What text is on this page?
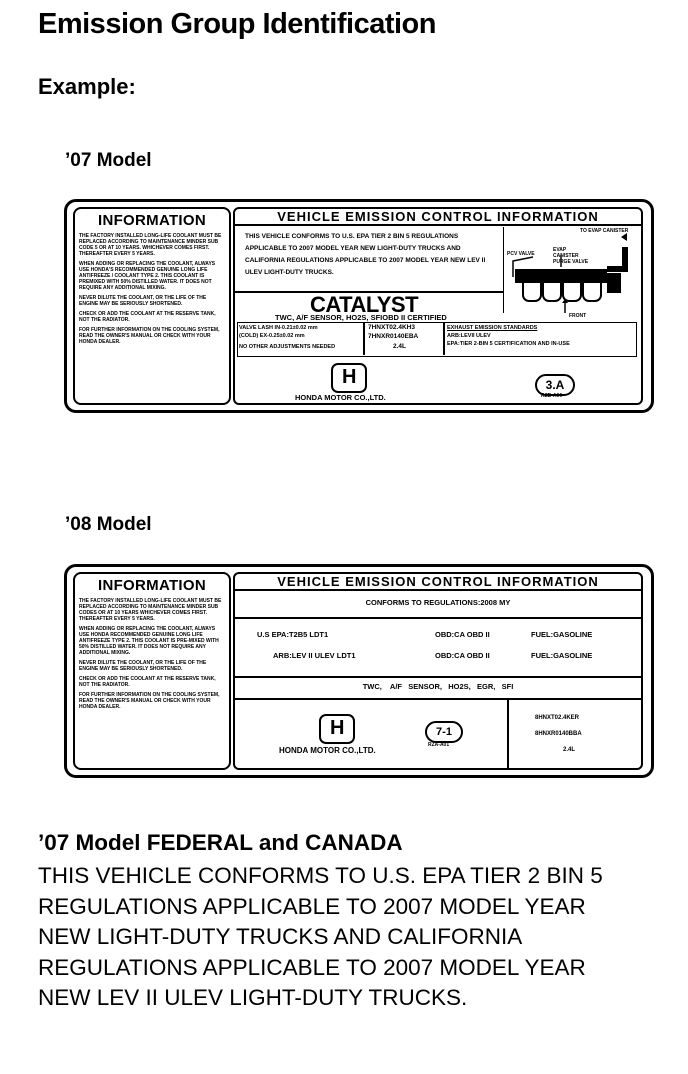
Emission Group Identification
Example:
’07 Model
INFORMATION
THE FACTORY INSTALLED LONG-LIFE COOLANT MUST BE REPLACED ACCORDING TO MAINTENANCE MINDER SUB CODE 5 OR AT 10 YEARS. WHICHEVER COMES FIRST. THEREAFTER EVERY 5 YEARS.
WHEN ADDING OR REPLACING THE COOLANT, ALWAYS USE HONDA'S RECOMMENDED GENUINE LONG LIFE ANTIFREEZE / COOLANT TYPE 2. THIS COOLANT IS PREMIXED WITH 50% DISTILLED WATER. IT DOES NOT REQUIRE ANY ADDITIONAL MIXING.
NEVER DILUTE THE COOLANT, OR THE LIFE OF THE ENGINE MAY BE SERIOUSLY SHORTENED.
CHECK OR ADD THE COOLANT AT THE RESERVE TANK, NOT THE RADIATOR.
FOR FURTHER INFORMATION ON THE COOLING SYSTEM, READ THE OWNER'S MANUAL OR CHECK WITH YOUR HONDA DEALER.
VEHICLE EMISSION CONTROL INFORMATION
THIS VEHICLE CONFORMS TO U.S. EPA TIER 2 BIN 5 REGULATIONS APPLICABLE TO 2007 MODEL YEAR NEW LIGHT-DUTY TRUCKS AND CALIFORNIA REGULATIONS APPLICABLE TO 2007 MODEL YEAR NEW LEV II ULEV LIGHT-DUTY TRUCKS.
TO EVAP CANISTER
PCV VALVE
EVAP CANISTER PURGE VALVE
FRONT
CATALYST
TWC, A/F SENSOR, HO2S, SFIOBD II CERTIFIED
VALVE LASH IN-0.21±0.02 mm
(COLD) EX-0.25±0.02 mm
NO OTHER ADJUSTMENTS NEEDED
7HNXT02.4KH3
7HNXR0140EBA
2.4L
EXHAUST EMISSION STANDARDS
ARB:LEVII ULEV
EPA:TIER 2-BIN 5 CERTIFICATION AND IN-USE
H
HONDA MOTOR CO.,LTD.
3.A
RZB-A00
’08 Model
INFORMATION
THE FACTORY INSTALLED LONG-LIFE COOLANT MUST BE REPLACED ACCORDING TO MAINTENANCE MINDER SUB CODES OR AT 10 YEARS WHICHEVER COMES FIRST. THEREAFTER EVERY 5 YEARS.
WHEN ADDING OR REPLACING THE COOLANT, ALWAYS USE HONDA RECOMMENDED GENUINE LONG LIFE ANTIFREEZE TYPE 2. THIS COOLANT IS PRE-MIXED WITH 50% DISTILLED WATER. IT DOES NOT REQUIRE ANY ADDITIONAL MIXING.
NEVER DILUTE THE COOLANT, OR THE LIFE OF THE ENGINE MAY BE SERIOUSLY SHORTENED.
CHECK OR ADD THE COOLANT AT THE RESERVE TANK, NOT THE RADIATOR.
FOR FURTHER INFORMATION ON THE COOLING SYSTEM, READ THE OWNER'S MANUAL OR CHECK WITH YOUR HONDA DEALER.
VEHICLE EMISSION CONTROL INFORMATION
CONFORMS TO REGULATIONS:2008 MY
U.S EPA:T2B5 LDT1	OBD:CA OBD II	FUEL:GASOLINE
ARB:LEV II ULEV LDT1	OBD:CA OBD II	FUEL:GASOLINE
TWC,    A/F   SENSOR,   HO2S,   EGR,   SFI
H
HONDA MOTOR CO.,LTD.
7-1
RZA-A01
8HNXT02.4KER
8HNXR0140BBA
2.4L
’07 Model FEDERAL and CANADA
THIS VEHICLE CONFORMS TO U.S. EPA TIER 2 BIN 5
REGULATIONS APPLICABLE TO 2007 MODEL YEAR
NEW LIGHT-DUTY TRUCKS AND CALIFORNIA
REGULATIONS APPLICABLE TO 2007 MODEL YEAR
NEW LEV II ULEV LIGHT-DUTY TRUCKS.
